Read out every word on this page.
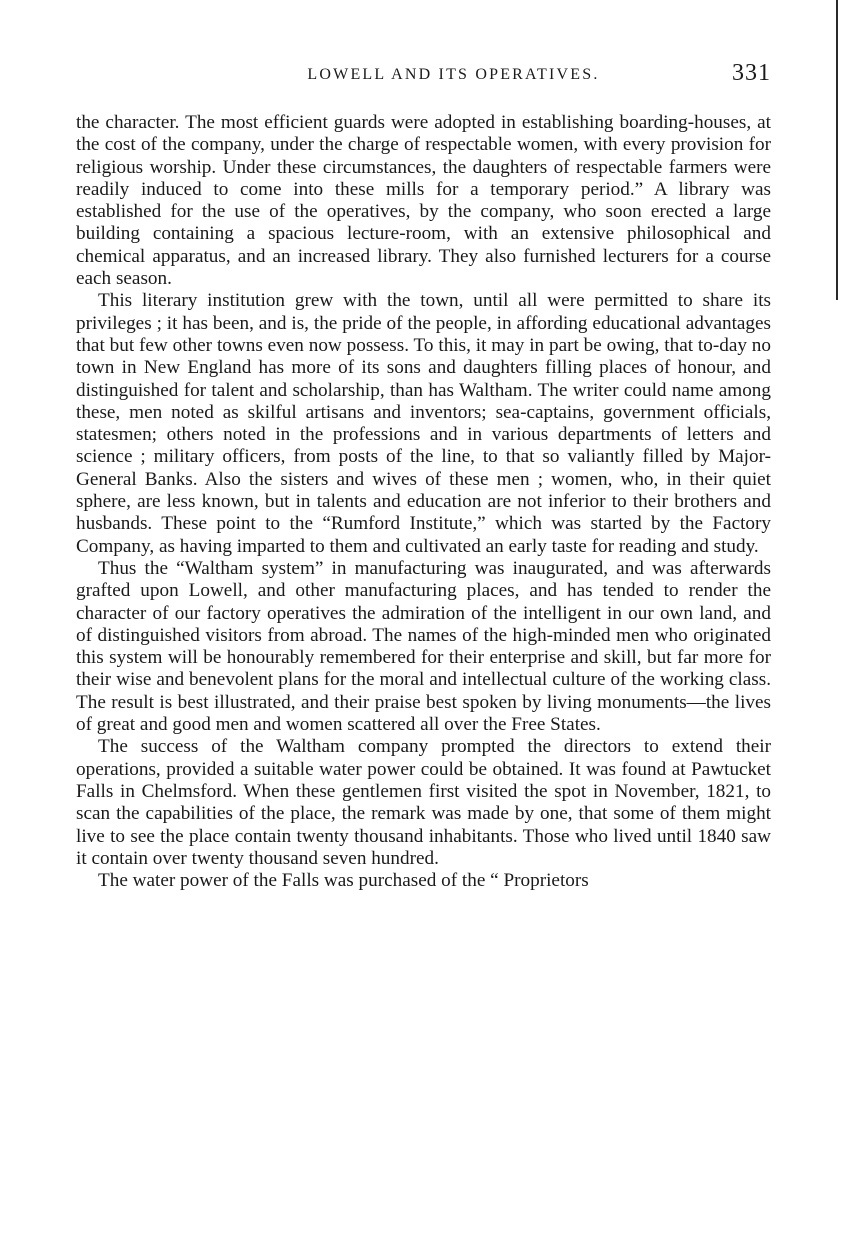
LOWELL AND ITS OPERATIVES.	331

the character. The most efficient guards were adopted in establishing boarding-houses, at the cost of the company, under the charge of respectable women, with every provision for religious worship. Under these circumstances, the daughters of respectable farmers were readily induced to come into these mills for a temporary period.” A library was established for the use of the operatives, by the company, who soon erected a large building containing a spacious lecture-room, with an extensive philosophical and chemical apparatus, and an increased library. They also furnished lecturers for a course each season.

This literary institution grew with the town, until all were permitted to share its privileges ; it has been, and is, the pride of the people, in affording educational advantages that but few other towns even now possess. To this, it may in part be owing, that to-day no town in New England has more of its sons and daughters filling places of honour, and distinguished for talent and scholarship, than has Waltham. The writer could name among these, men noted as skilful artisans and inventors; sea-captains, government officials, statesmen; others noted in the professions and in various departments of letters and science ; military officers, from posts of the line, to that so valiantly filled by Major-General Banks. Also the sisters and wives of these men ; women, who, in their quiet sphere, are less known, but in talents and education are not inferior to their brothers and husbands. These point to the “Rumford Institute,” which was started by the Factory Company, as having imparted to them and cultivated an early taste for reading and study.

Thus the “Waltham system” in manufacturing was inaugurated, and was afterwards grafted upon Lowell, and other manufacturing places, and has tended to render the character of our factory operatives the admiration of the intelligent in our own land, and of distinguished visitors from abroad. The names of the high-minded men who originated this system will be honourably remembered for their enterprise and skill, but far more for their wise and benevolent plans for the moral and intellectual culture of the working class. The result is best illustrated, and their praise best spoken by living monuments—the lives of great and good men and women scattered all over the Free States.

The success of the Waltham company prompted the directors to extend their operations, provided a suitable water power could be obtained. It was found at Pawtucket Falls in Chelmsford. When these gentlemen first visited the spot in November, 1821, to scan the capabilities of the place, the remark was made by one, that some of them might live to see the place contain twenty thousand inhabitants. Those who lived until 1840 saw it contain over twenty thousand seven hundred.

The water power of the Falls was purchased of the “ Proprietors
